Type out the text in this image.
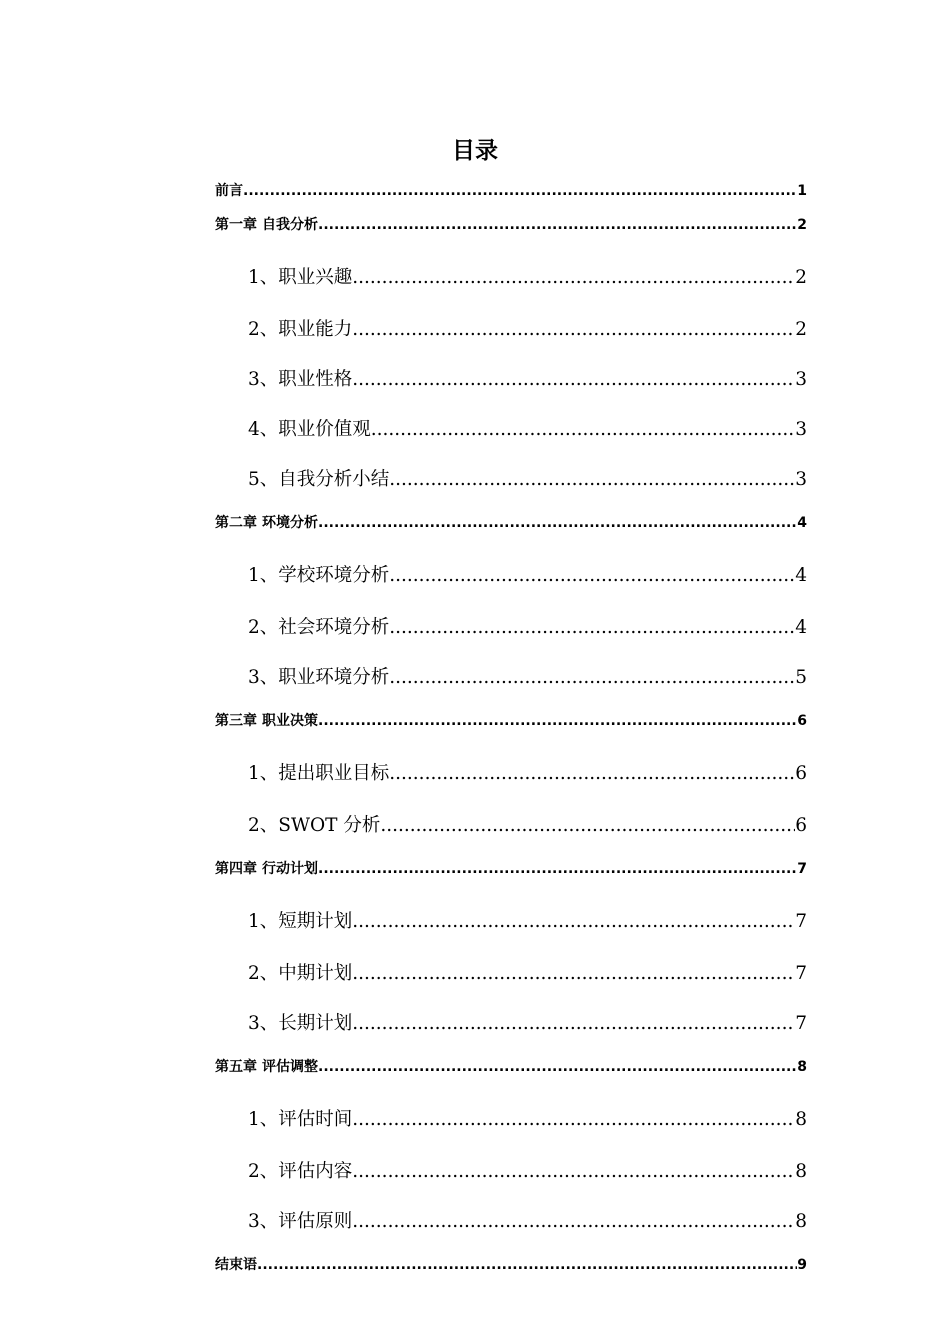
目录
前言 .....	1
第一章 自我分析 .....	2
1、职业兴趣 .....	2
2、职业能力 .....	2
3、职业性格 .....	3
4、职业价值观 .....	3
5、自我分析小结 .....	3
第二章 环境分析 .....	4
1、学校环境分析 .....	4
2、社会环境分析 .....	4
3、职业环境分析 .....	5
第三章 职业决策 .....	6
1、提出职业目标 .....	6
2、SWOT 分析 .....	6
第四章 行动计划 .....	7
1、短期计划 .....	7
2、中期计划 .....	7
3、长期计划 .....	7
第五章 评估调整 .....	8
1、评估时间 .....	8
2、评估内容 .....	8
3、评估原则 .....	8
结束语 .....	9
